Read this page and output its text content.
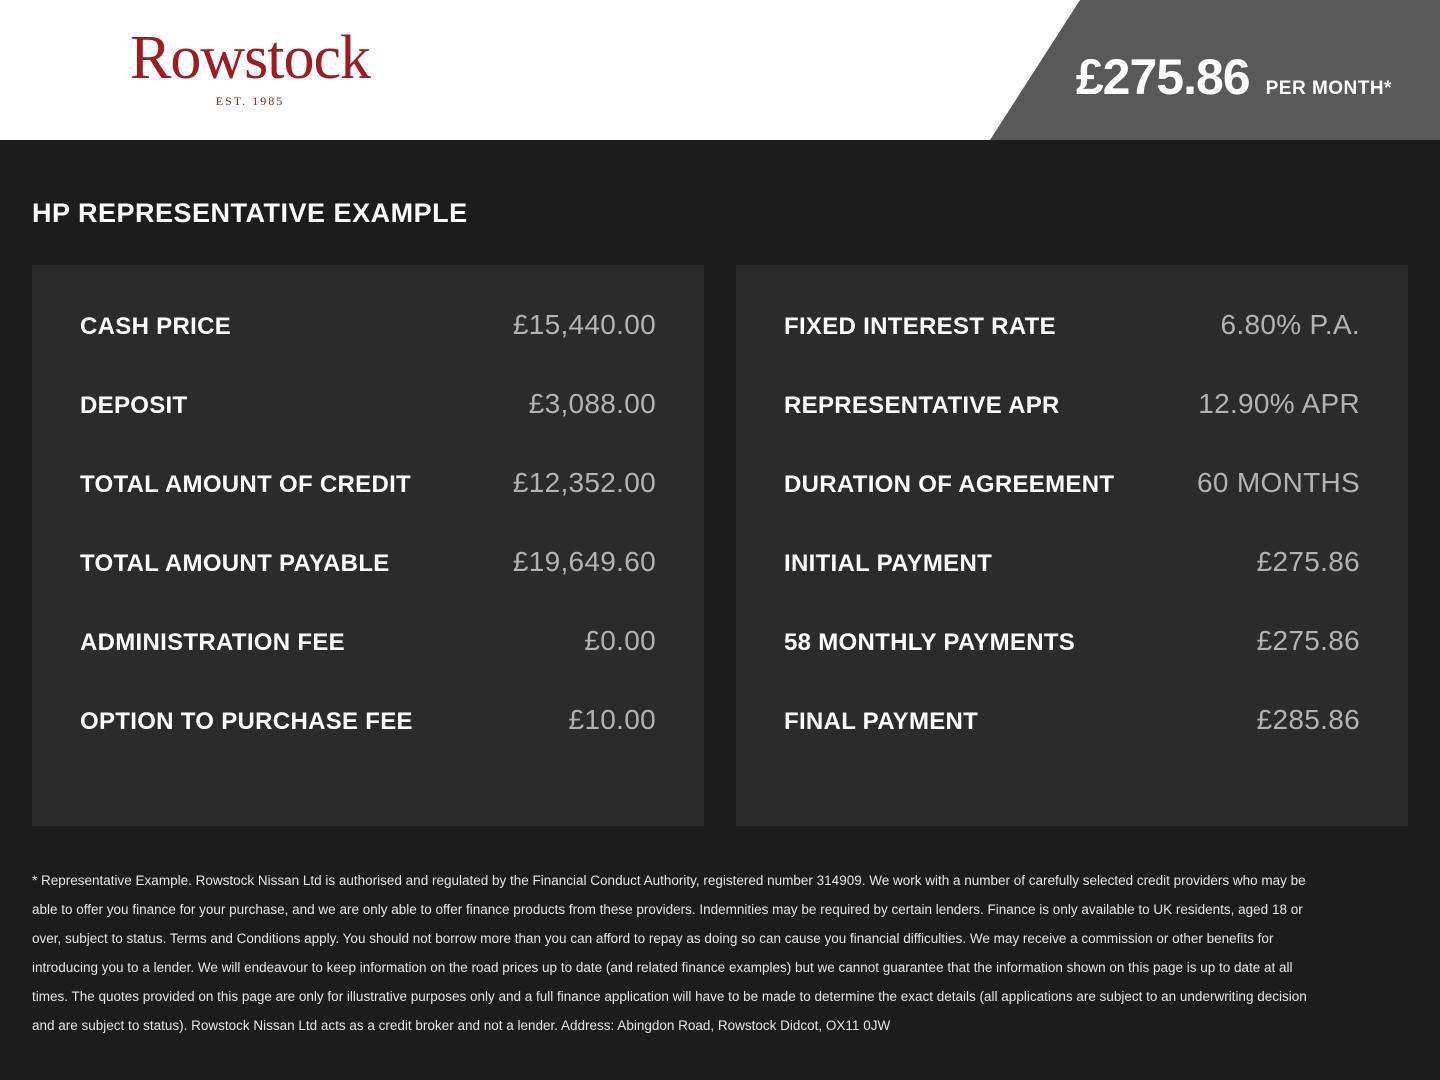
Rowstock
EST. 1985	£275.86 PER MONTH*
HP REPRESENTATIVE EXAMPLE
CASH PRICE	£15,440.00
DEPOSIT	£3,088.00
TOTAL AMOUNT OF CREDIT	£12,352.00
TOTAL AMOUNT PAYABLE	£19,649.60
ADMINISTRATION FEE	£0.00
OPTION TO PURCHASE FEE	£10.00
FIXED INTEREST RATE	6.80% P.A.
REPRESENTATIVE APR	12.90% APR
DURATION OF AGREEMENT	60 MONTHS
INITIAL PAYMENT	£275.86
58 MONTHLY PAYMENTS	£275.86
FINAL PAYMENT	£285.86

* Representative Example. Rowstock Nissan Ltd is authorised and regulated by the Financial Conduct Authority, registered number 314909. We work with a number of carefully selected credit providers who may be able to offer you finance for your purchase, and we are only able to offer finance products from these providers. Indemnities may be required by certain lenders. Finance is only available to UK residents, aged 18 or over, subject to status. Terms and Conditions apply. You should not borrow more than you can afford to repay as doing so can cause you financial difficulties. We may receive a commission or other benefits for introducing you to a lender. We will endeavour to keep information on the road prices up to date (and related finance examples) but we cannot guarantee that the information shown on this page is up to date at all times. The quotes provided on this page are only for illustrative purposes only and a full finance application will have to be made to determine the exact details (all applications are subject to an underwriting decision and are subject to status). Rowstock Nissan Ltd acts as a credit broker and not a lender. Address: Abingdon Road, Rowstock Didcot, OX11 0JW
